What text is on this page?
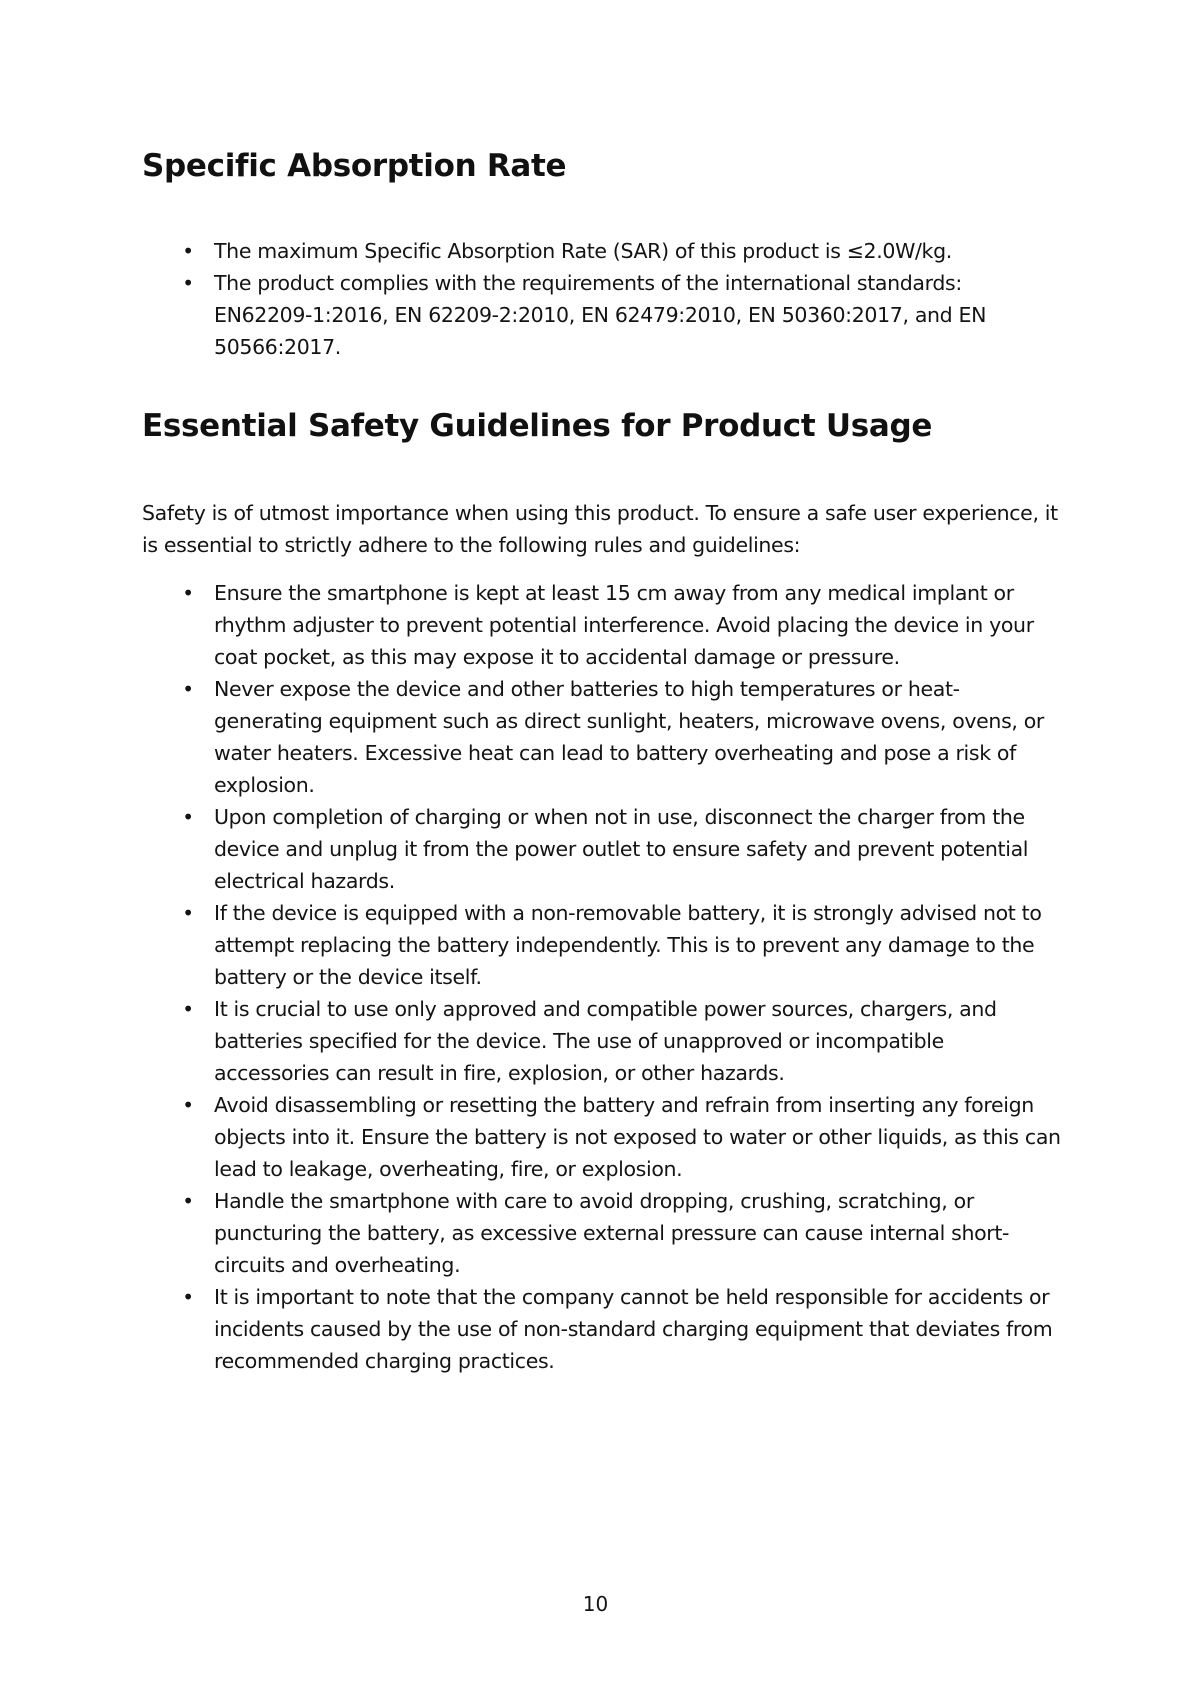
Specific Absorption Rate
• The maximum Specific Absorption Rate (SAR) of this product is ≤2.0W/kg.
• The product complies with the requirements of the international standards: EN62209-1:2016, EN 62209-2:2010, EN 62479:2010, EN 50360:2017, and EN 50566:2017.
Essential Safety Guidelines for Product Usage

Safety is of utmost importance when using this product. To ensure a safe user experience, it is essential to strictly adhere to the following rules and guidelines:

• Ensure the smartphone is kept at least 15 cm away from any medical implant or rhythm adjuster to prevent potential interference. Avoid placing the device in your coat pocket, as this may expose it to accidental damage or pressure.
• Never expose the device and other batteries to high temperatures or heat-generating equipment such as direct sunlight, heaters, microwave ovens, ovens, or water heaters. Excessive heat can lead to battery overheating and pose a risk of explosion.
• Upon completion of charging or when not in use, disconnect the charger from the device and unplug it from the power outlet to ensure safety and prevent potential electrical hazards.
• If the device is equipped with a non-removable battery, it is strongly advised not to attempt replacing the battery independently. This is to prevent any damage to the battery or the device itself.
• It is crucial to use only approved and compatible power sources, chargers, and batteries specified for the device. The use of unapproved or incompatible accessories can result in fire, explosion, or other hazards.
• Avoid disassembling or resetting the battery and refrain from inserting any foreign objects into it. Ensure the battery is not exposed to water or other liquids, as this can lead to leakage, overheating, fire, or explosion.
• Handle the smartphone with care to avoid dropping, crushing, scratching, or puncturing the battery, as excessive external pressure can cause internal short-circuits and overheating.
• It is important to note that the company cannot be held responsible for accidents or incidents caused by the use of non-standard charging equipment that deviates from recommended charging practices.
10
